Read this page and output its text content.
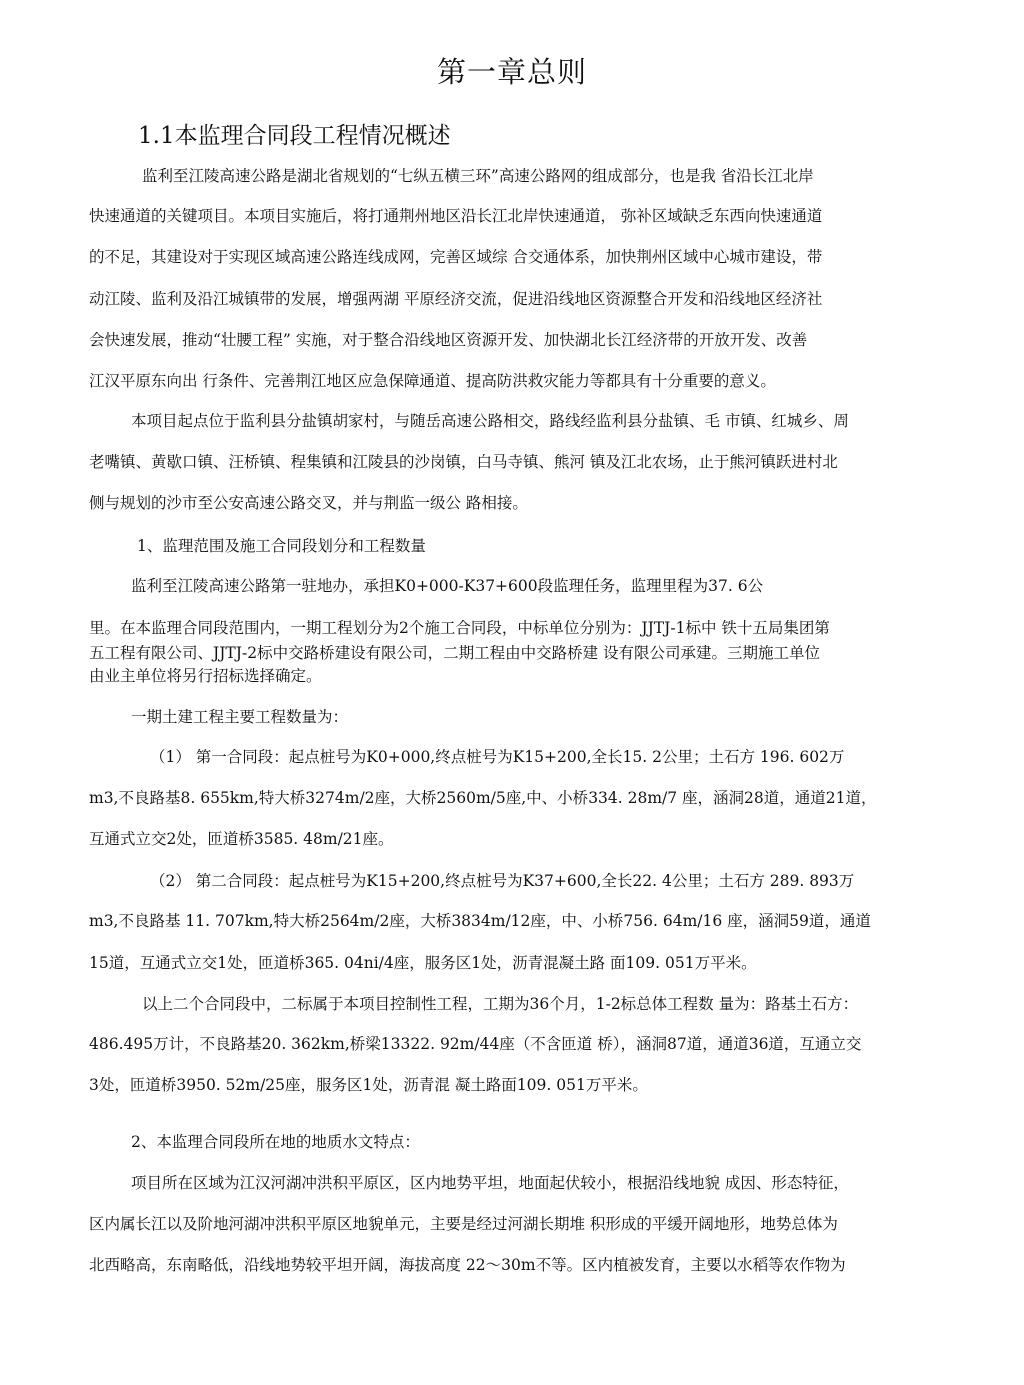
第一章总则
1.1本监理合同段工程情况概述
监利至江陵高速公路是湖北省规划的“七纵五横三环”高速公路网的组成部分，也是我 省沿长江北岸
快速通道的关键项目。本项目实施后，将打通荆州地区沿长江北岸快速通道， 弥补区域缺乏东西向快速通道
的不足，其建设对于实现区域高速公路连线成网，完善区域综 合交通体系，加快荆州区域中心城市建设，带
动江陵、监利及沿江城镇带的发展，增强两湖 平原经济交流，促进沿线地区资源整合开发和沿线地区经济社
会快速发展，推动“壮腰工程” 实施，对于整合沿线地区资源开发、加快湖北长江经济带的开放开发、改善
江汉平原东向出 行条件、完善荆江地区应急保障通道、提高防洪救灾能力等都具有十分重要的意义。
本项目起点位于监利县分盐镇胡家村，与随岳高速公路相交，路线经监利县分盐镇、毛 市镇、红城乡、周
老嘴镇、黄歇口镇、汪桥镇、程集镇和江陵县的沙岗镇，白马寺镇、熊河 镇及江北农场，止于熊河镇跃进村北
侧与规划的沙市至公安高速公路交叉，并与荆监一级公 路相接。
1、监理范围及施工合同段划分和工程数量
监利至江陵高速公路第一驻地办，承担K0+000-K37+600段监理任务，监理里程为37. 6公
里。在本监理合同段范围内，一期工程划分为2个施工合同段，中标单位分别为：JJTJ-1标中 铁十五局集团第
五工程有限公司、JJTJ-2标中交路桥建设有限公司，二期工程由中交路桥建 设有限公司承建。三期施工单位
由业主单位将另行招标选择确定。
一期土建工程主要工程数量为：
（1） 第一合同段：起点桩号为K0+000,终点桩号为K15+200,全长15. 2公里；土石方 196. 602万
m3,不良路基8. 655km,特大桥3274m/2座，大桥2560m/5座,中、小桥334. 28m/7 座，涵洞28道，通道21道，
互通式立交2处，匝道桥3585. 48m/21座。
（2） 第二合同段：起点桩号为K15+200,终点桩号为K37+600,全长22. 4公里；土石方 289. 893万
m3,不良路基 11. 707km,特大桥2564m/2座，大桥3834m/12座，中、小桥756. 64m/16 座，涵洞59道，通道
15道，互通式立交1处，匝道桥365. 04ni/4座，服务区1处，沥青混凝土路 面109. 051万平米。
以上二个合同段中，二标属于本项目控制性工程，工期为36个月，1-2标总体工程数 量为：路基土石方：
486.495万计，不良路基20. 362km,桥梁13322. 92m/44座（不含匝道 桥），涵洞87道，通道36道，互通立交
3处，匝道桥3950. 52m/25座，服务区1处，沥青混 凝土路面109. 051万平米。
2、本监理合同段所在地的地质水文特点：
项目所在区域为江汉河湖冲洪积平原区，区内地势平坦，地面起伏较小，根据沿线地貌 成因、形态特征，
区内属长江以及阶地河湖冲洪积平原区地貌单元，主要是经过河湖长期堆 积形成的平缓开阔地形，地势总体为
北西略高，东南略低，沿线地势较平坦开阔，海拔高度 22～30m不等。区内植被发育，主要以水稻等农作物为
